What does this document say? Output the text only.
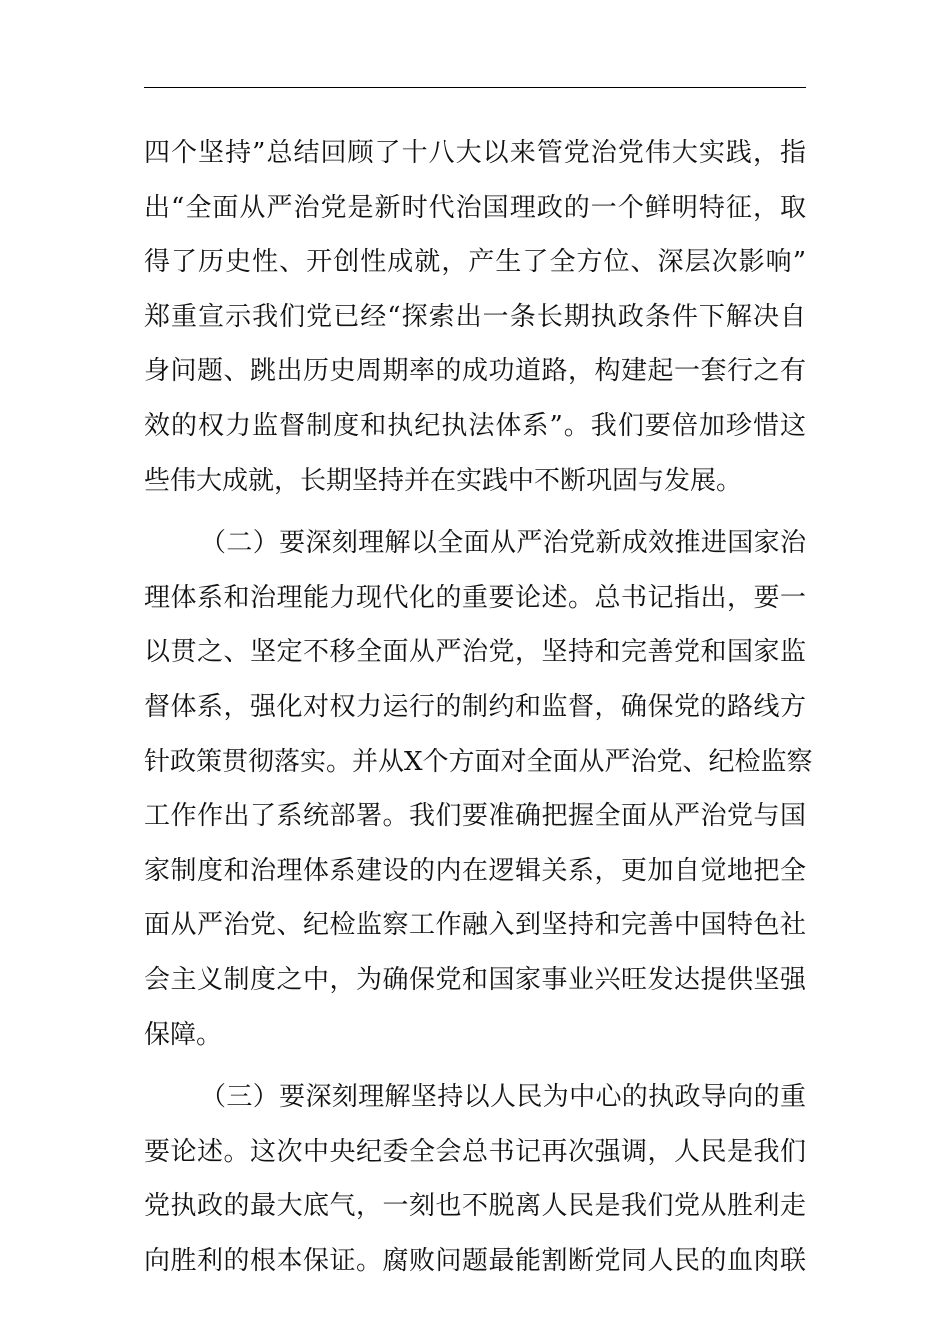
四个坚持”总结回顾了十八大以来管党治党伟大实践，指
出“全面从严治党是新时代治国理政的一个鲜明特征，取
得了历史性、开创性成就，产生了全方位、深层次影响”
郑重宣示我们党已经“探索出一条长期执政条件下解决自
身问题、跳出历史周期率的成功道路，构建起一套行之有
效的权力监督制度和执纪执法体系”。我们要倍加珍惜这
些伟大成就，长期坚持并在实践中不断巩固与发展。
（二）要深刻理解以全面从严治党新成效推进国家治
理体系和治理能力现代化的重要论述。总书记指出，要一
以贯之、坚定不移全面从严治党，坚持和完善党和国家监
督体系，强化对权力运行的制约和监督，确保党的路线方
针政策贯彻落实。并从X个方面对全面从严治党、纪检监察
工作作出了系统部署。我们要准确把握全面从严治党与国
家制度和治理体系建设的内在逻辑关系，更加自觉地把全
面从严治党、纪检监察工作融入到坚持和完善中国特色社
会主义制度之中，为确保党和国家事业兴旺发达提供坚强
保障。
（三）要深刻理解坚持以人民为中心的执政导向的重
要论述。这次中央纪委全会总书记再次强调，人民是我们
党执政的最大底气，一刻也不脱离人民是我们党从胜利走
向胜利的根本保证。腐败问题最能割断党同人民的血肉联
